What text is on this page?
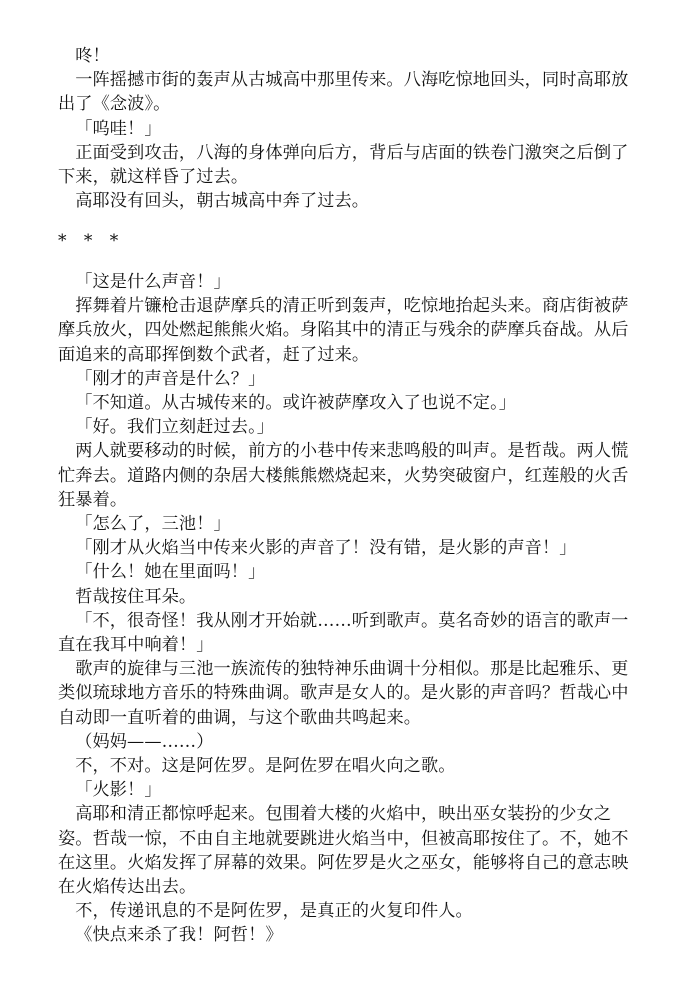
咚！

一阵摇撼市街的轰声从古城高中那里传来。八海吃惊地回头，同时高耶放出了《念波》。

「呜哇！」

正面受到攻击，八海的身体弹向后方，背后与店面的铁卷门激突之后倒了下来，就这样昏了过去。

高耶没有回头，朝古城高中奔了过去。

* * *

「这是什么声音！」

挥舞着片镰枪击退萨摩兵的清正听到轰声，吃惊地抬起头来。商店街被萨摩兵放火，四处燃起熊熊火焰。身陷其中的清正与残余的萨摩兵奋战。从后面追来的高耶挥倒数个武者，赶了过来。

「刚才的声音是什么？」

「不知道。从古城传来的。或许被萨摩攻入了也说不定。」

「好。我们立刻赶过去。」

两人就要移动的时候，前方的小巷中传来悲鸣般的叫声。是哲哉。两人慌忙奔去。道路内侧的杂居大楼熊熊燃烧起来，火势突破窗户，红莲般的火舌狂暴着。

「怎么了，三池！」

「刚才从火焰当中传来火影的声音了！没有错，是火影的声音！」

「什么！她在里面吗！」

哲哉按住耳朵。

「不，很奇怪！我从刚才开始就……听到歌声。莫名奇妙的语言的歌声一直在我耳中响着！」

歌声的旋律与三池一族流传的独特神乐曲调十分相似。那是比起雅乐、更类似琉球地方音乐的特殊曲调。歌声是女人的。是火影的声音吗？哲哉心中自动即一直听着的曲调，与这个歌曲共鸣起来。

（妈妈——……）

不，不对。这是阿佐罗。是阿佐罗在唱火向之歌。

「火影！」

高耶和清正都惊呼起来。包围着大楼的火焰中，映出巫女装扮的少女之姿。哲哉一惊，不由自主地就要跳进火焰当中，但被高耶按住了。不，她不在这里。火焰发挥了屏幕的效果。阿佐罗是火之巫女，能够将自己的意志映在火焰传达出去。

不，传递讯息的不是阿佐罗，是真正的火复印件人。

《快点来杀了我！阿哲！》
